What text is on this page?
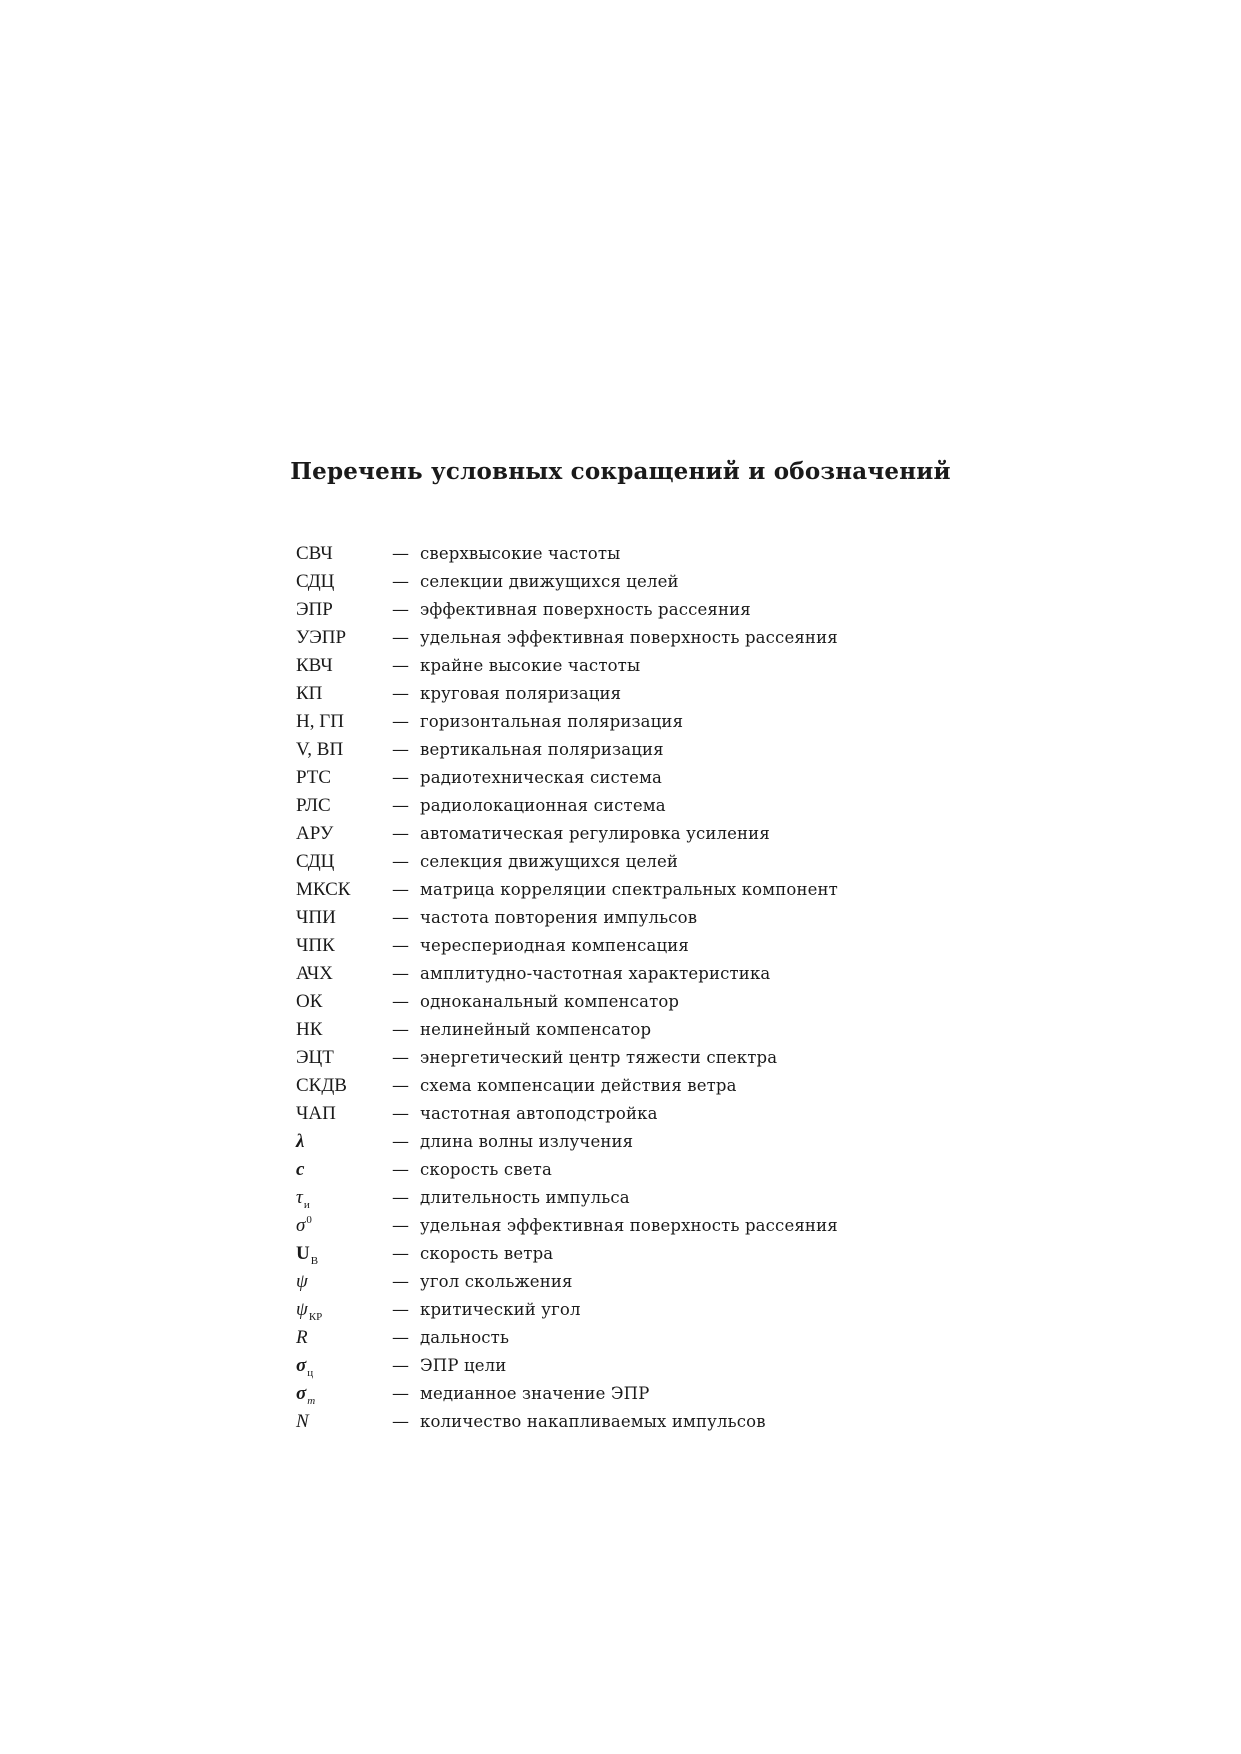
Перечень условных сокращений и обозначений
СВЧ	— сверхвысокие частоты
СДЦ	— селекции движущихся целей
ЭПР	— эффективная поверхность рассеяния
УЭПР	— удельная эффективная поверхность рассеяния
КВЧ	— крайне высокие частоты
КП	— круговая поляризация
Н, ГП	— горизонтальная поляризация
V, ВП	— вертикальная поляризация
РТС	— радиотехническая система
РЛС	— радиолокационная система
АРУ	— автоматическая регулировка усиления
СДЦ	— селекция движущихся целей
МКСК — матрица корреляции спектральных компонент
ЧПИ	— частота повторения импульсов
ЧПК	— череспериодная компенсация
АЧХ	— амплитудно-частотная характеристика
ОК	— одноканальный компенсатор
НК	— нелинейный компенсатор
ЭЦТ	— энергетический центр тяжести спектра
СКДВ	— схема компенсации действия ветра
ЧАП	— частотная автоподстройка
λ	— длина волны излучения
c	— скорость света
$\tau_и$	— длительность импульса
$\sigma^0$	— удельная эффективная поверхность рассеяния
$U_В$	— скорость ветра
ψ	— угол скольжения
$\psi_{КР}$	— критический угол
R	— дальность
$\sigma_ц$	— ЭПР цели
$\sigma_m$	— медианное значение ЭПР
N	— количество накапливаемых импульсов
